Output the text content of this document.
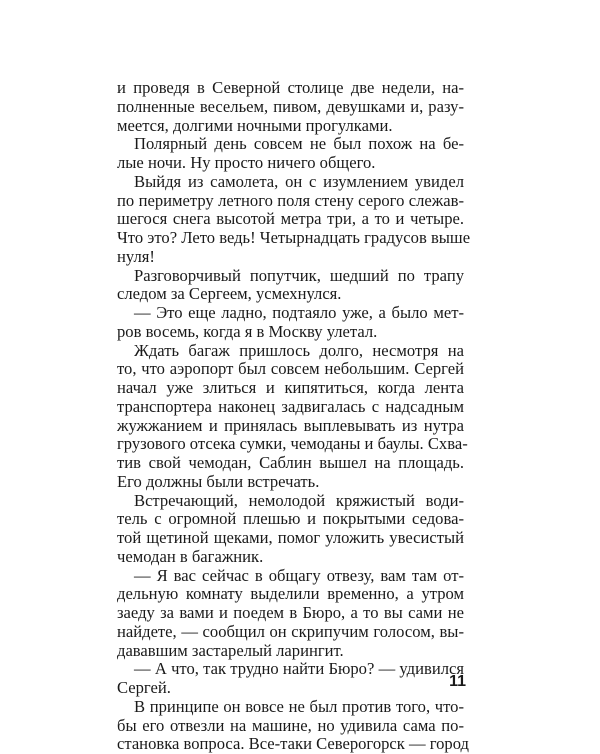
и проведя в Северной столице две недели, на-
полненные весельем, пивом, девушками и, разу-
меется, долгими ночными прогулками.
Полярный день совсем не был похож на бе-
лые ночи. Ну просто ничего общего.
Выйдя из самолета, он с изумлением увидел
по периметру летного поля стену серого слежав-
шегося снега высотой метра три, а то и четыре.
Что это? Лето ведь! Четырнадцать градусов выше
нуля!
Разговорчивый попутчик, шедший по трапу
следом за Сергеем, усмехнулся.
— Это еще ладно, подтаяло уже, а было мет-
ров восемь, когда я в Москву улетал.
Ждать багаж пришлось долго, несмотря на
то, что аэропорт был совсем небольшим. Сергей
начал уже злиться и кипятиться, когда лента
транспортера наконец задвигалась с надсадным
жужжанием и принялась выплевывать из нутра
грузового отсека сумки, чемоданы и баулы. Схва-
тив свой чемодан, Саблин вышел на площадь.
Его должны были встречать.
Встречающий, немолодой кряжистый води-
тель с огромной плешью и покрытыми седова-
той щетиной щеками, помог уложить увесистый
чемодан в багажник.
— Я вас сейчас в общагу отвезу, вам там от-
дельную комнату выделили временно, а утром
заеду за вами и поедем в Бюро, а то вы сами не
найдете, — сообщил он скрипучим голосом, вы-
дававшим застарелый ларингит.
— А что, так трудно найти Бюро? — удивился
Сергей.
В принципе он вовсе не был против того, что-
бы его отвезли на машине, но удивила сама по-
становка вопроса. Все-таки Северогорск — город
11
